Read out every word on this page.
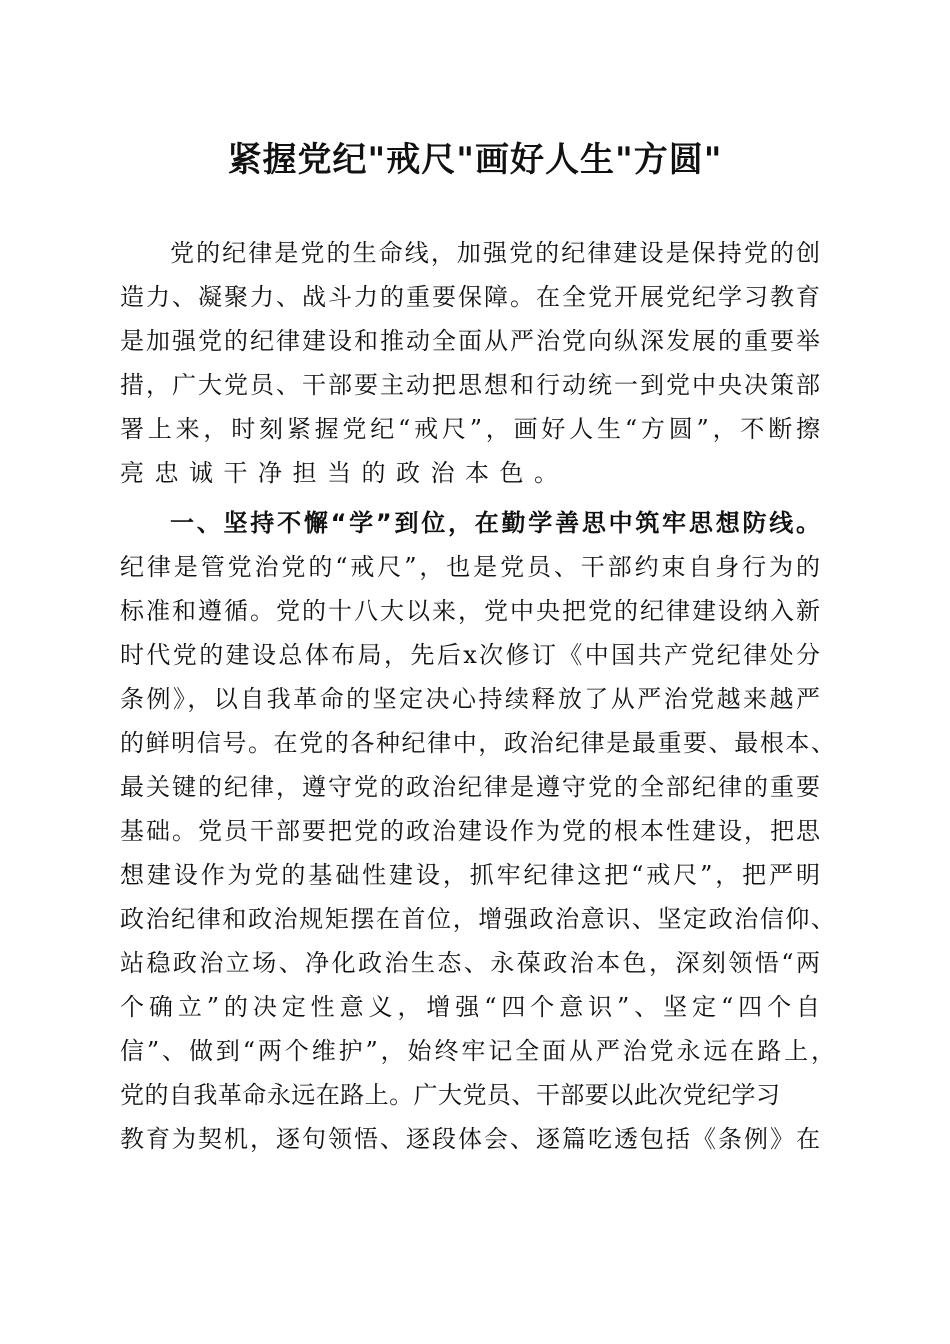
紧握党纪"戒尺"画好人生"方圆"
党的纪律是党的生命线，加强党的纪律建设是保持党的创
造力、凝聚力、战斗力的重要保障。在全党开展党纪学习教育
是加强党的纪律建设和推动全面从严治党向纵深发展的重要举
措，广大党员、干部要主动把思想和行动统一到党中央决策部
署上来，时刻紧握党纪“戒尺”，画好人生“方圆”，不断擦
亮忠诚干净担当的政治本色。
一、坚持不懈“学”到位，在勤学善思中筑牢思想防线。
纪律是管党治党的“戒尺”，也是党员、干部约束自身行为的
标准和遵循。党的十八大以来，党中央把党的纪律建设纳入新
时代党的建设总体布局，先后x次修订《中国共产党纪律处分
条例》，以自我革命的坚定决心持续释放了从严治党越来越严
的鲜明信号。在党的各种纪律中，政治纪律是最重要、最根本、
最关键的纪律，遵守党的政治纪律是遵守党的全部纪律的重要
基础。党员干部要把党的政治建设作为党的根本性建设，把思
想建设作为党的基础性建设，抓牢纪律这把“戒尺”，把严明
政治纪律和政治规矩摆在首位，增强政治意识、坚定政治信仰、
站稳政治立场、净化政治生态、永葆政治本色，深刻领悟“两
个确立”的决定性意义，增强“四个意识”、坚定“四个自
信”、做到“两个维护”，始终牢记全面从严治党永远在路上，
党的自我革命永远在路上。广大党员、干部要以此次党纪学习
教育为契机，逐句领悟、逐段体会、逐篇吃透包括《条例》在
